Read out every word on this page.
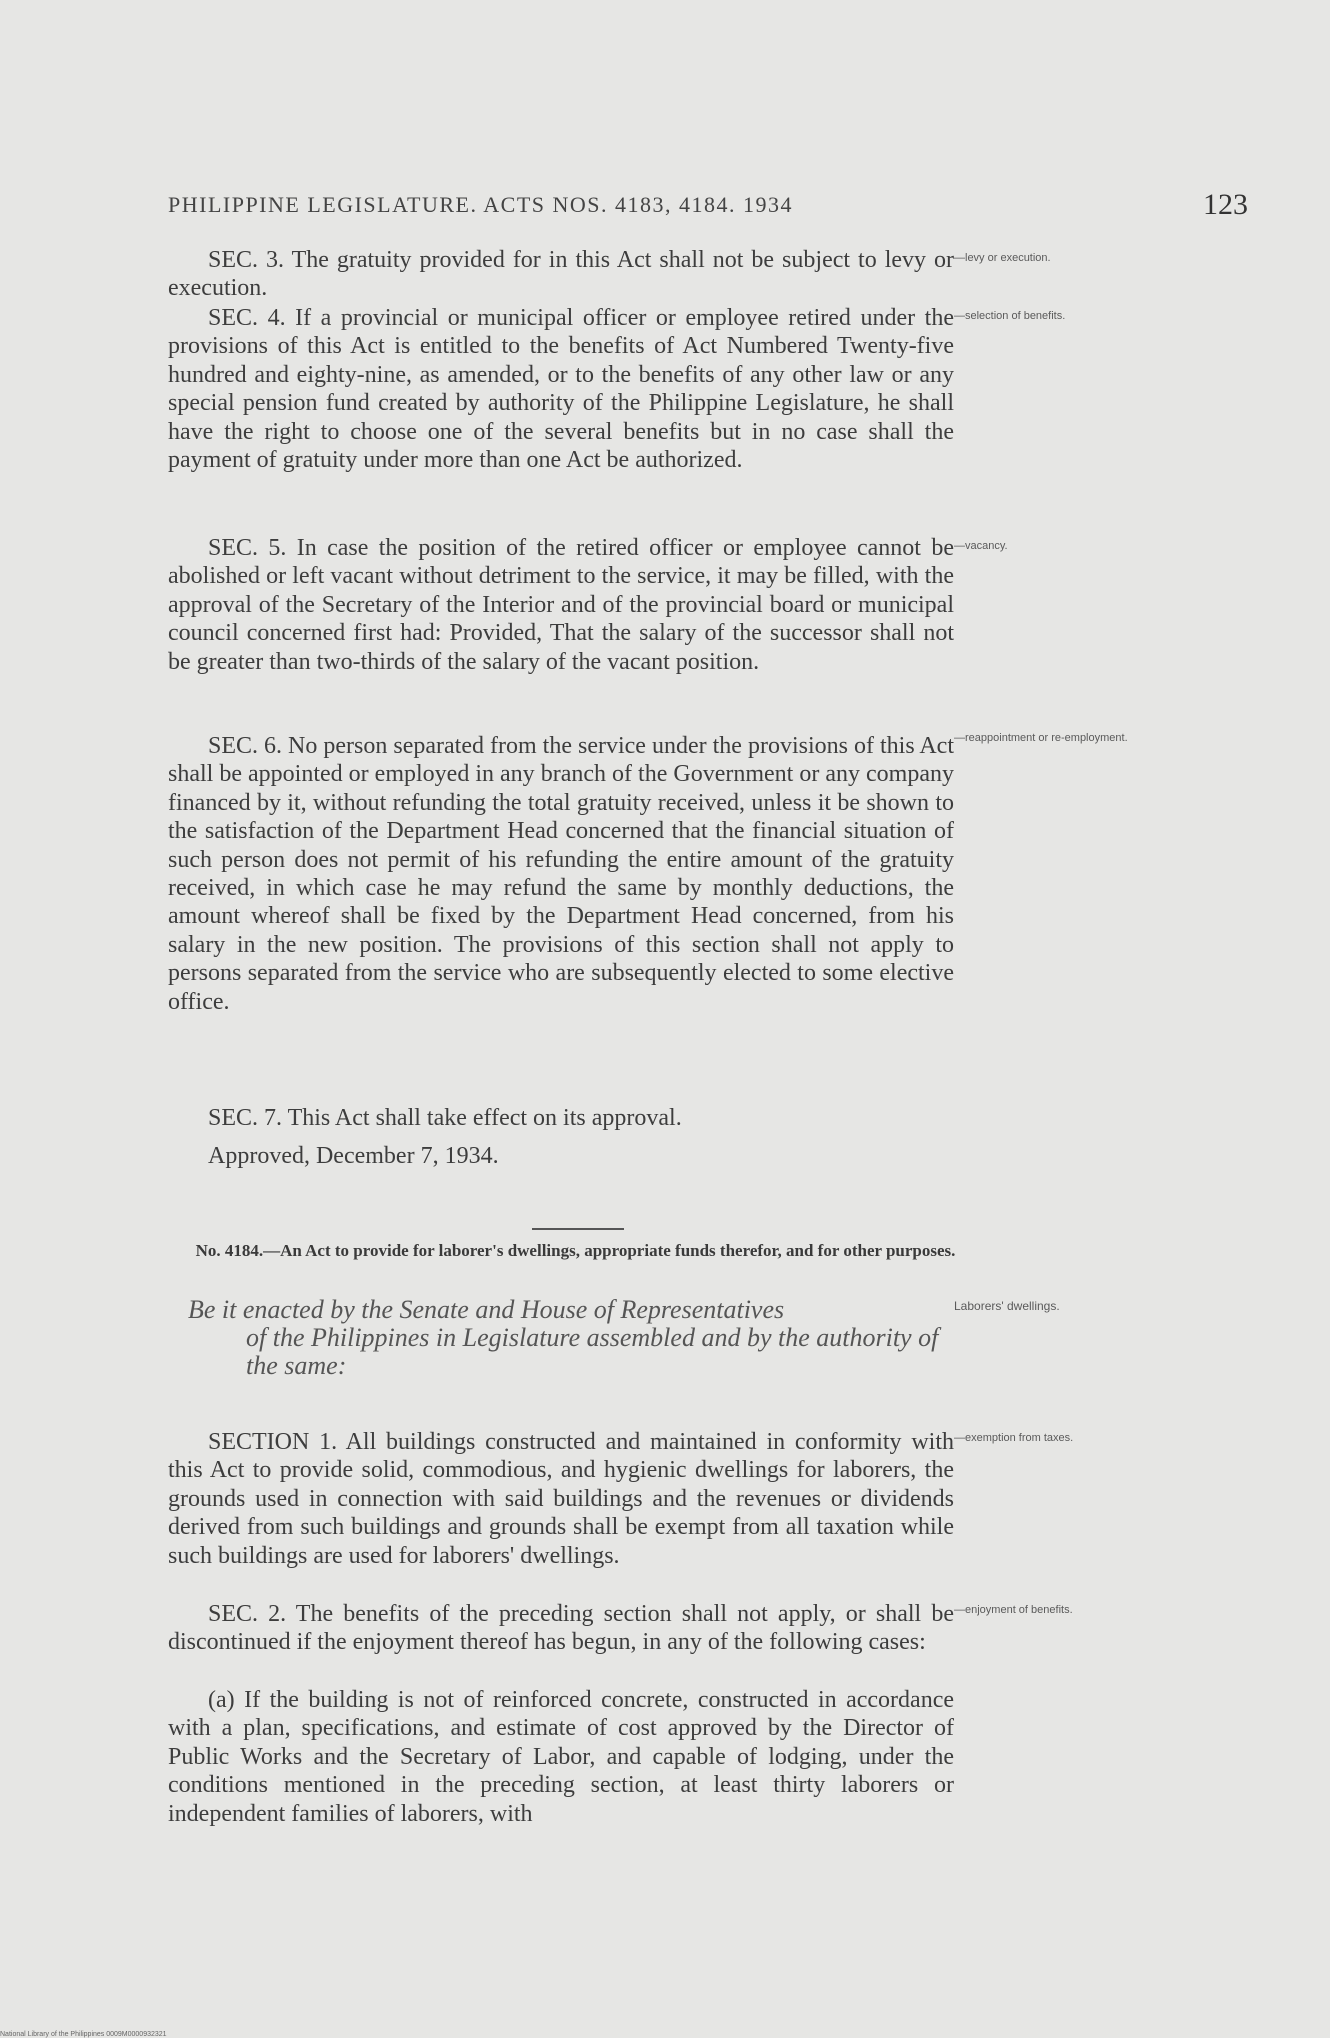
PHILIPPINE LEGISLATURE. ACTS NOS. 4183, 4184. 1934	123

SEC. 3. The gratuity provided for in this Act shall not be subject to levy or execution.

—levy or execution.

SEC. 4. If a provincial or municipal officer or employee retired under the provisions of this Act is entitled to the benefits of Act Numbered Twenty-five hundred and eighty-nine, as amended, or to the benefits of any other law or any special pension fund created by authority of the Philippine Legislature, he shall have the right to choose one of the several benefits but in no case shall the payment of gratuity under more than one Act be authorized.

—selection of benefits.

SEC. 5. In case the position of the retired officer or employee cannot be abolished or left vacant without detriment to the service, it may be filled, with the approval of the Secretary of the Interior and of the provincial board or municipal council concerned first had: Provided, That the salary of the successor shall not be greater than two-thirds of the salary of the vacant position.

—vacancy.

SEC. 6. No person separated from the service under the provisions of this Act shall be appointed or employed in any branch of the Government or any company financed by it, without refunding the total gratuity received, unless it be shown to the satisfaction of the Department Head concerned that the financial situation of such person does not permit of his refunding the entire amount of the gratuity received, in which case he may refund the same by monthly deductions, the amount whereof shall be fixed by the Department Head concerned, from his salary in the new position. The provisions of this section shall not apply to persons separated from the service who are subsequently elected to some elective office.

—reappointment or re-employment.

SEC. 7. This Act shall take effect on its approval.

Approved, December 7, 1934.

No. 4184.—An Act to provide for laborer's dwellings, appropriate funds therefor, and for other purposes.
Be it enacted by the Senate and House of Representatives
of the Philippines in Legislature assembled and by the authority of the same:
Laborers' dwellings.

SECTION 1. All buildings constructed and maintained in conformity with this Act to provide solid, commodious, and hygienic dwellings for laborers, the grounds used in connection with said buildings and the revenues or dividends derived from such buildings and grounds shall be exempt from all taxation while such buildings are used for laborers' dwellings.

—exemption from taxes.

SEC. 2. The benefits of the preceding section shall not apply, or shall be discontinued if the enjoyment thereof has begun, in any of the following cases:

—enjoyment of benefits.

(a) If the building is not of reinforced concrete, constructed in accordance with a plan, specifications, and estimate of cost approved by the Director of Public Works and the Secretary of Labor, and capable of lodging, under the conditions mentioned in the preceding section, at least thirty laborers or independent families of laborers, with

National Library of the Philippines 0009M0000932321
